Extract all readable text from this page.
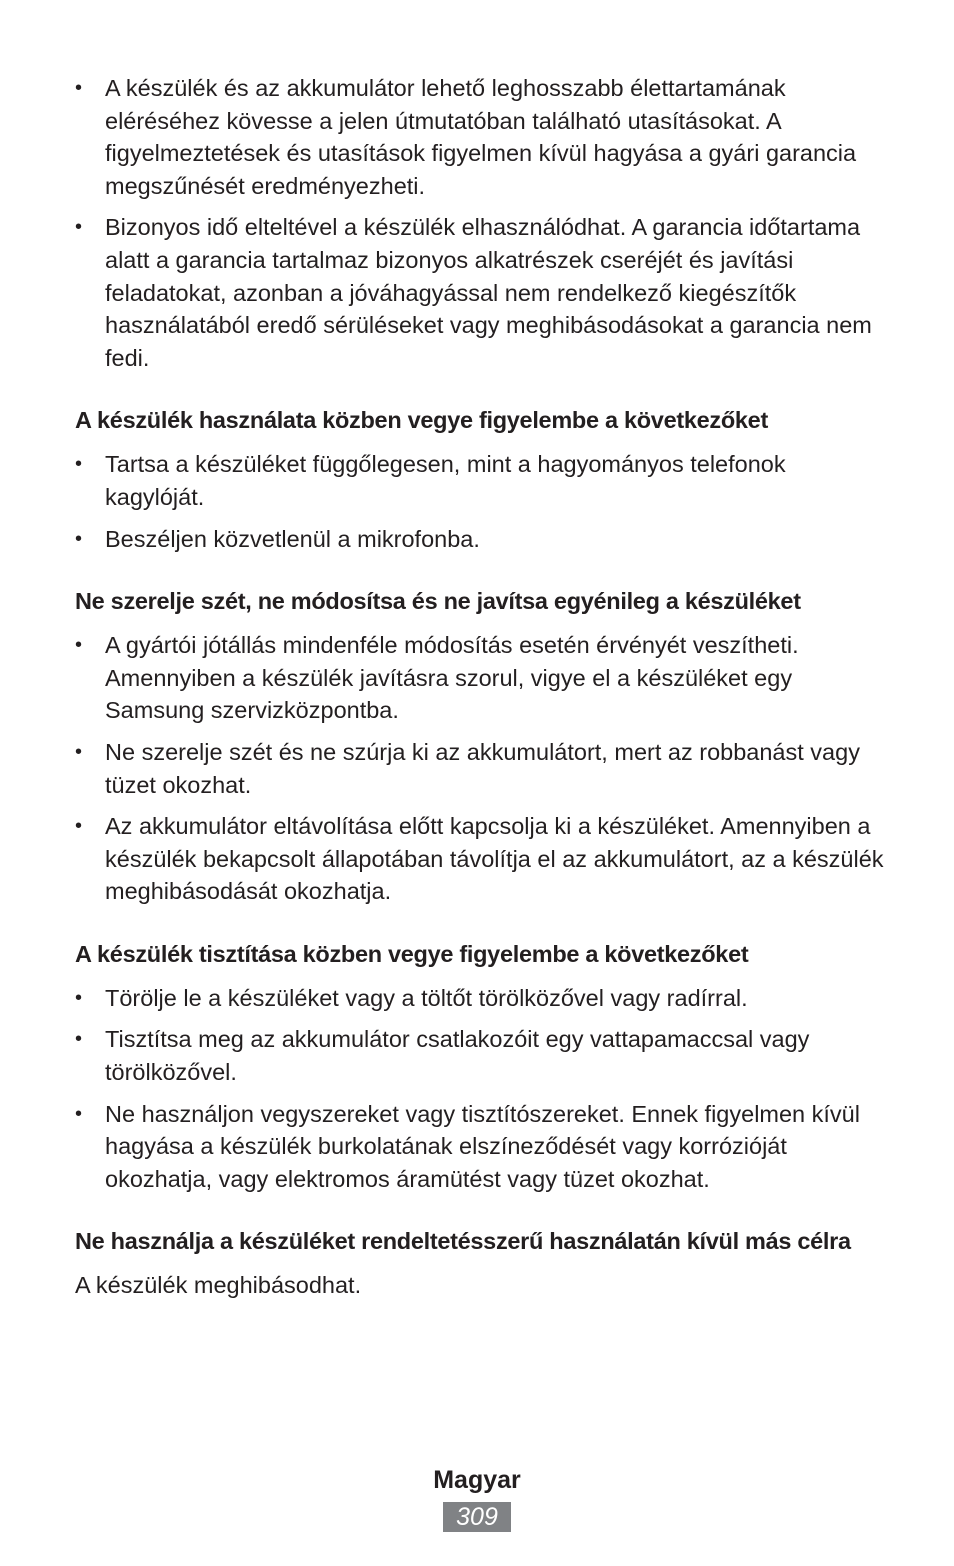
• A készülék és az akkumulátor lehető leghosszabb élettartamának eléréséhez kövesse a jelen útmutatóban található utasításokat. A figyelmeztetések és utasítások figyelmen kívül hagyása a gyári garancia megszűnését eredményezheti.
• Bizonyos idő elteltével a készülék elhasználódhat. A garancia időtartama alatt a garancia tartalmaz bizonyos alkatrészek cseréjét és javítási feladatokat, azonban a jóváhagyással nem rendelkező kiegészítők használatából eredő sérüléseket vagy meghibásodásokat a garancia nem fedi.
A készülék használata közben vegye figyelembe a következőket
• Tartsa a készüléket függőlegesen, mint a hagyományos telefonok kagylóját.
• Beszéljen közvetlenül a mikrofonba.
Ne szerelje szét, ne módosítsa és ne javítsa egyénileg a készüléket
• A gyártói jótállás mindenféle módosítás esetén érvényét veszítheti. Amennyiben a készülék javításra szorul, vigye el a készüléket egy Samsung szervizközpontba.
• Ne szerelje szét és ne szúrja ki az akkumulátort, mert az robbanást vagy tüzet okozhat.
• Az akkumulátor eltávolítása előtt kapcsolja ki a készüléket. Amennyiben a készülék bekapcsolt állapotában távolítja el az akkumulátort, az a készülék meghibásodását okozhatja.
A készülék tisztítása közben vegye figyelembe a következőket
• Törölje le a készüléket vagy a töltőt törölközővel vagy radírral.
• Tisztítsa meg az akkumulátor csatlakozóit egy vattapamaccsal vagy törölközővel.
• Ne használjon vegyszereket vagy tisztítószereket. Ennek figyelmen kívül hagyása a készülék burkolatának elszíneződését vagy korrózióját okozhatja, vagy elektromos áramütést vagy tüzet okozhat.
Ne használja a készüléket rendeltetésszerű használatán kívül más célra

A készülék meghibásodhat.

Magyar
309
